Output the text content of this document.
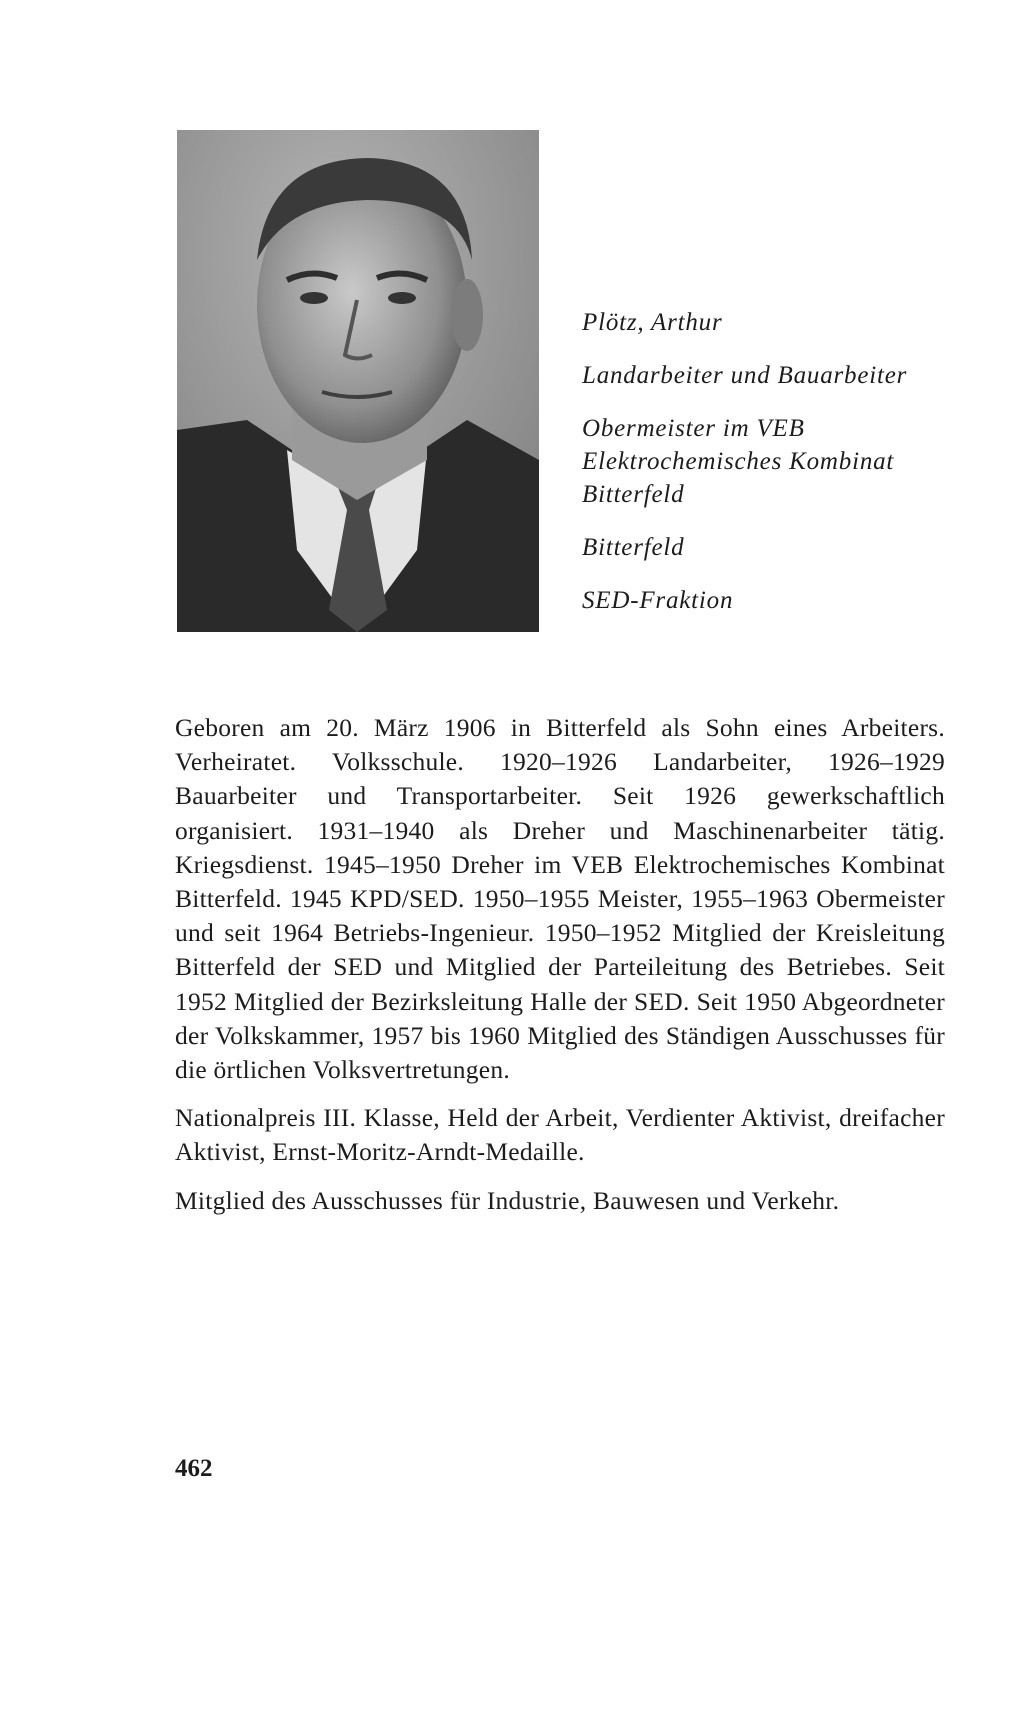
Plötz, Arthur

Landarbeiter und Bauarbeiter

Obermeister im VEB Elektrochemisches Kombinat Bitterfeld

Bitterfeld

SED-Fraktion

Geboren am 20. März 1906 in Bitterfeld als Sohn eines Arbeiters. Verheiratet. Volksschule. 1920–1926 Landarbeiter, 1926–1929 Bauarbeiter und Transportarbeiter. Seit 1926 gewerkschaftlich organisiert. 1931–1940 als Dreher und Maschinenarbeiter tätig. Kriegsdienst. 1945–1950 Dreher im VEB Elektrochemisches Kombinat Bitterfeld. 1945 KPD/SED. 1950–1955 Meister, 1955–1963 Obermeister und seit 1964 Betriebs-Ingenieur. 1950–1952 Mitglied der Kreisleitung Bitterfeld der SED und Mitglied der Parteileitung des Betriebes. Seit 1952 Mitglied der Bezirksleitung Halle der SED. Seit 1950 Abgeordneter der Volkskammer, 1957 bis 1960 Mitglied des Ständigen Ausschusses für die örtlichen Volksvertretungen.

Nationalpreis III. Klasse, Held der Arbeit, Verdienter Aktivist, dreifacher Aktivist, Ernst-Moritz-Arndt-Medaille.

Mitglied des Ausschusses für Industrie, Bauwesen und Verkehr.

462
